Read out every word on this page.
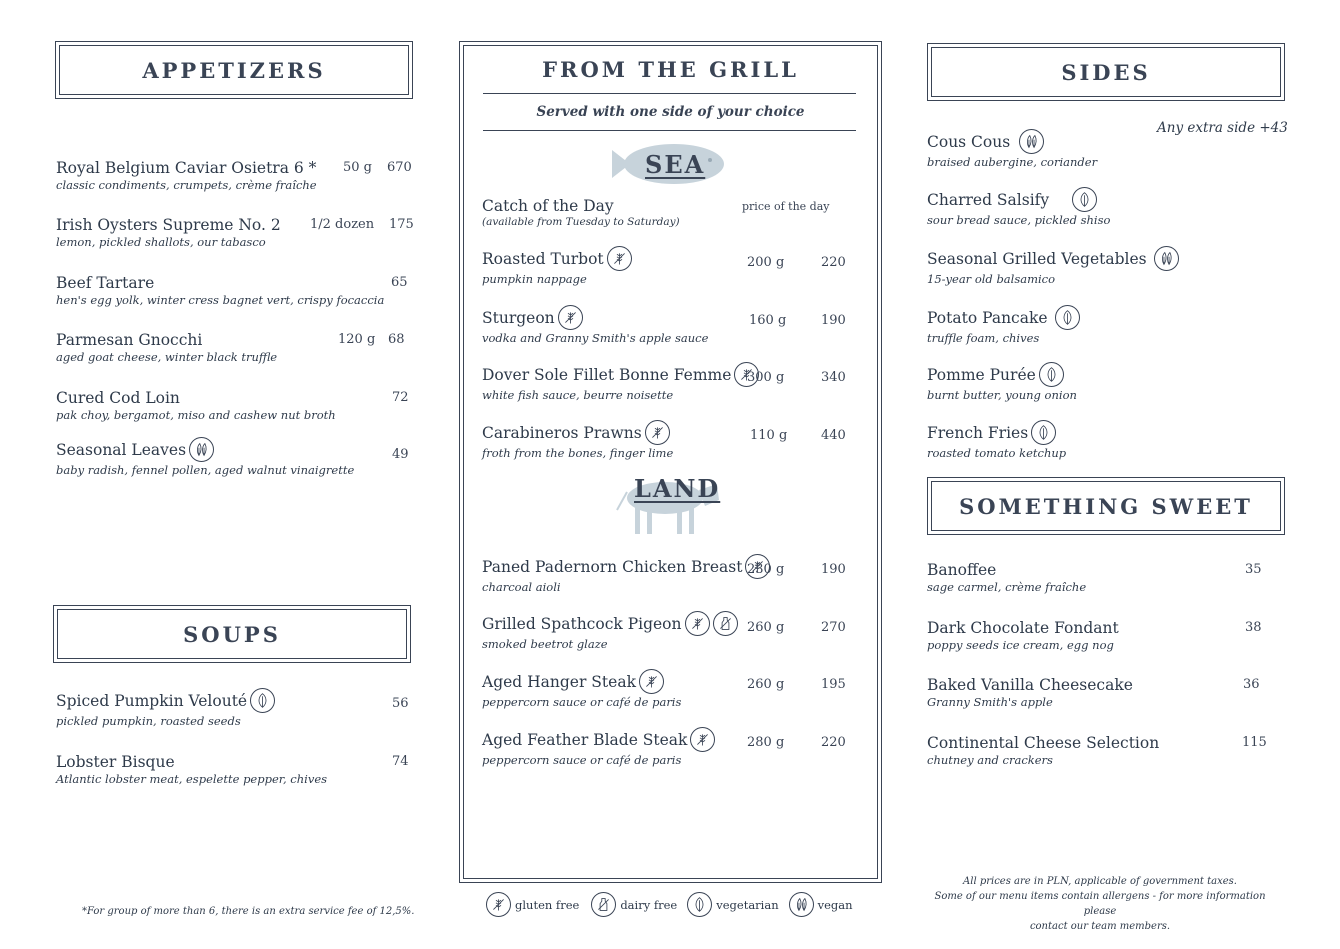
APPETIZERS
Royal Belgium Caviar Osietra 6 *
classic condiments, crumpets, crème fraîche
50 g 670
Irish Oysters Supreme No. 2
lemon, pickled shallots, our tabasco
1/2 dozen 175
Beef Tartare
hen's egg yolk, winter cress bagnet vert, crispy focaccia
65
Parmesan Gnocchi
aged goat cheese, winter black truffle
120 g 68
Cured Cod Loin
pak choy, bergamot, miso and cashew nut broth
72
Seasonal Leaves
baby radish, fennel pollen, aged walnut vinaigrette
49
SOUPS
Spiced Pumpkin Velouté
pickled pumpkin, roasted seeds
56
Lobster Bisque
Atlantic lobster meat, espelette pepper, chives
74
*For group of more than 6, there is an extra service fee of 12,5%.
FROM THE GRILL
Served with one side of your choice
SEA
Catch of the Day
(available from Tuesday to Saturday)
price of the day
Roasted Turbot
pumpkin nappage
200 g	220
Sturgeon
vodka and Granny Smith's apple sauce
160 g	190
Dover Sole Fillet Bonne Femme
white fish sauce, beurre noisette
300 g	340
Carabineros Prawns
froth from the bones, finger lime
110 g	440
LAND
Paned Padernorn Chicken Breast
charcoal aioli
230 g	190
Grilled Spathcock Pigeon
smoked beetrot glaze
260 g	270
Aged Hanger Steak
peppercorn sauce or café de paris
260 g	195
Aged Feather Blade Steak
peppercorn sauce or café de paris
280 g	220
gluten free	dairy free	vegetarian	vegan
SIDES
Any extra side +43
Cous Cous
braised aubergine, coriander
Charred Salsify
sour bread sauce, pickled shiso
Seasonal Grilled Vegetables
15-year old balsamico
Potato Pancake
truffle foam, chives
Pomme Purée
burnt butter, young onion
French Fries
roasted tomato ketchup
SOMETHING SWEET
Banoffee
sage carmel, crème fraîche
35
Dark Chocolate Fondant
poppy seeds ice cream, egg nog
38
Baked Vanilla Cheesecake
Granny Smith's apple
36
Continental Cheese Selection
chutney and crackers
115
All prices are in PLN, applicable of government taxes.
Some of our menu items contain allergens - for more information please
contact our team members.
